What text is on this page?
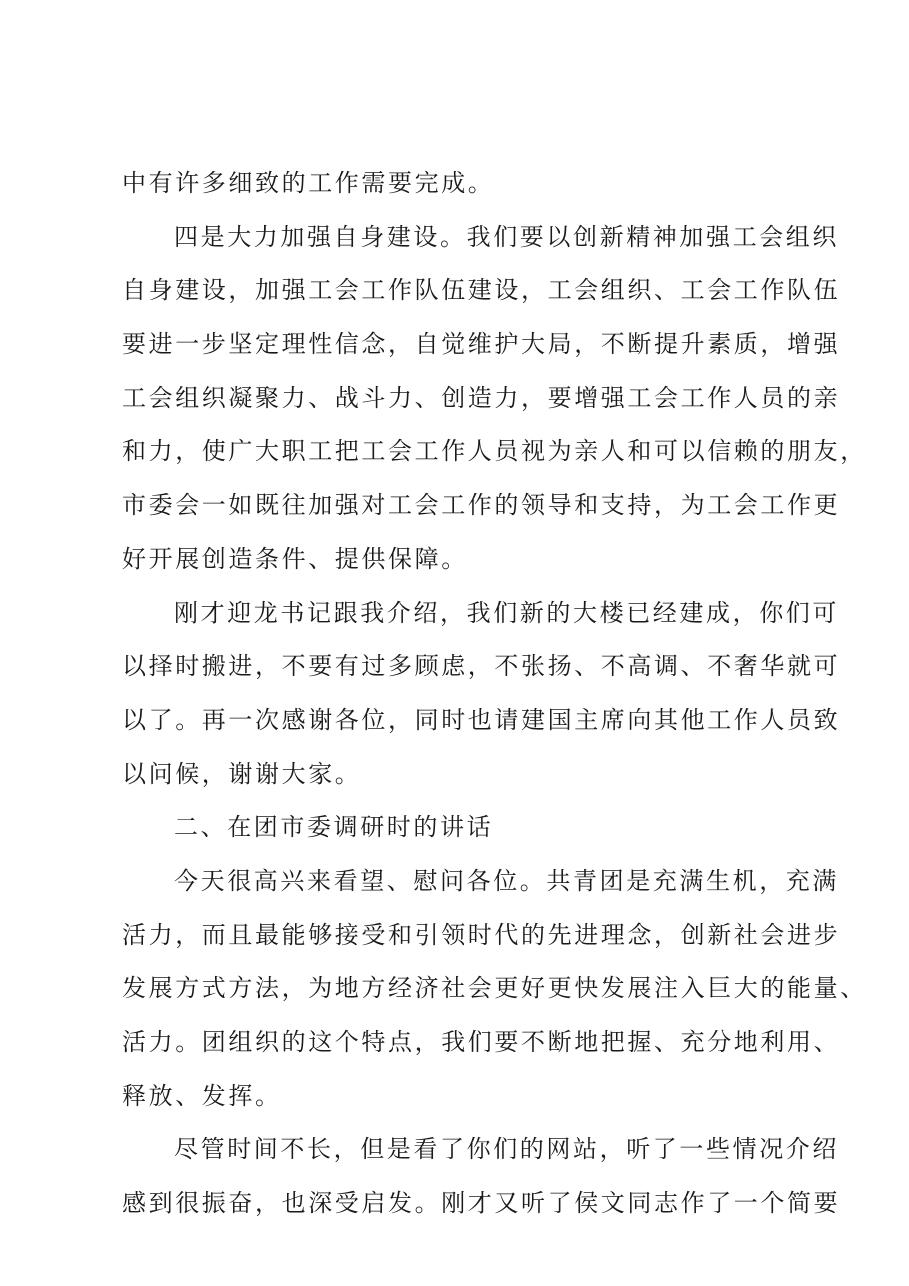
中有许多细致的工作需要完成。

四是大力加强自身建设。我们要以创新精神加强工会组织

自身建设，加强工会工作队伍建设，工会组织、工会工作队伍

要进一步坚定理性信念，自觉维护大局，不断提升素质，增强

工会组织凝聚力、战斗力、创造力，要增强工会工作人员的亲

和力，使广大职工把工会工作人员视为亲人和可以信赖的朋友，

市委会一如既往加强对工会工作的领导和支持，为工会工作更

好开展创造条件、提供保障。

刚才迎龙书记跟我介绍，我们新的大楼已经建成，你们可

以择时搬进，不要有过多顾虑，不张扬、不高调、不奢华就可

以了。再一次感谢各位，同时也请建国主席向其他工作人员致

以问候，谢谢大家。

二、在团市委调研时的讲话

今天很高兴来看望、慰问各位。共青团是充满生机，充满

活力，而且最能够接受和引领时代的先进理念，创新社会进步

发展方式方法，为地方经济社会更好更快发展注入巨大的能量、

活力。团组织的这个特点，我们要不断地把握、充分地利用、

释放、发挥。

尽管时间不长，但是看了你们的网站，听了一些情况介绍

感到很振奋，也深受启发。刚才又听了侯文同志作了一个简要
